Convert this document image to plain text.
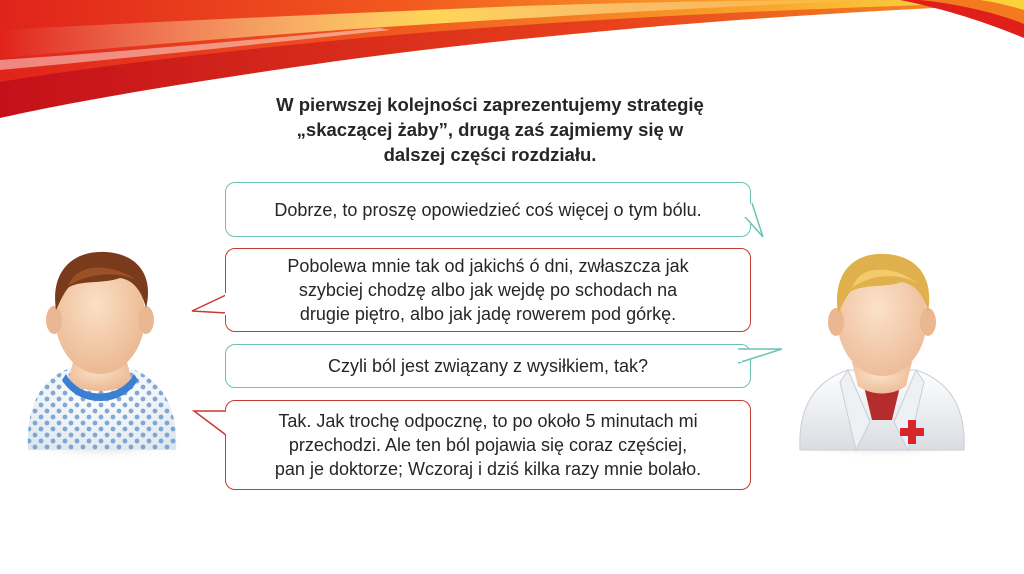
W pierwszej kolejności zaprezentujemy strategię
„skaczącej żaby”, drugą zaś zajmiemy się w
dalszej części rozdziału.
Dobrze, to proszę opowiedzieć coś więcej o tym bólu.
Pobolewa mnie tak od jakichś ó dni, zwłaszcza jak
szybciej chodzę albo jak wejdę po schodach na
drugie piętro, albo jak jadę rowerem pod górkę.
Czyli ból jest związany z wysiłkiem, tak?
Tak. Jak trochę odpocznę, to po około 5 minutach mi
przechodzi. Ale ten ból pojawia się coraz częściej,
pan je doktorze; Wczoraj i dziś kilka razy mnie bolało.
